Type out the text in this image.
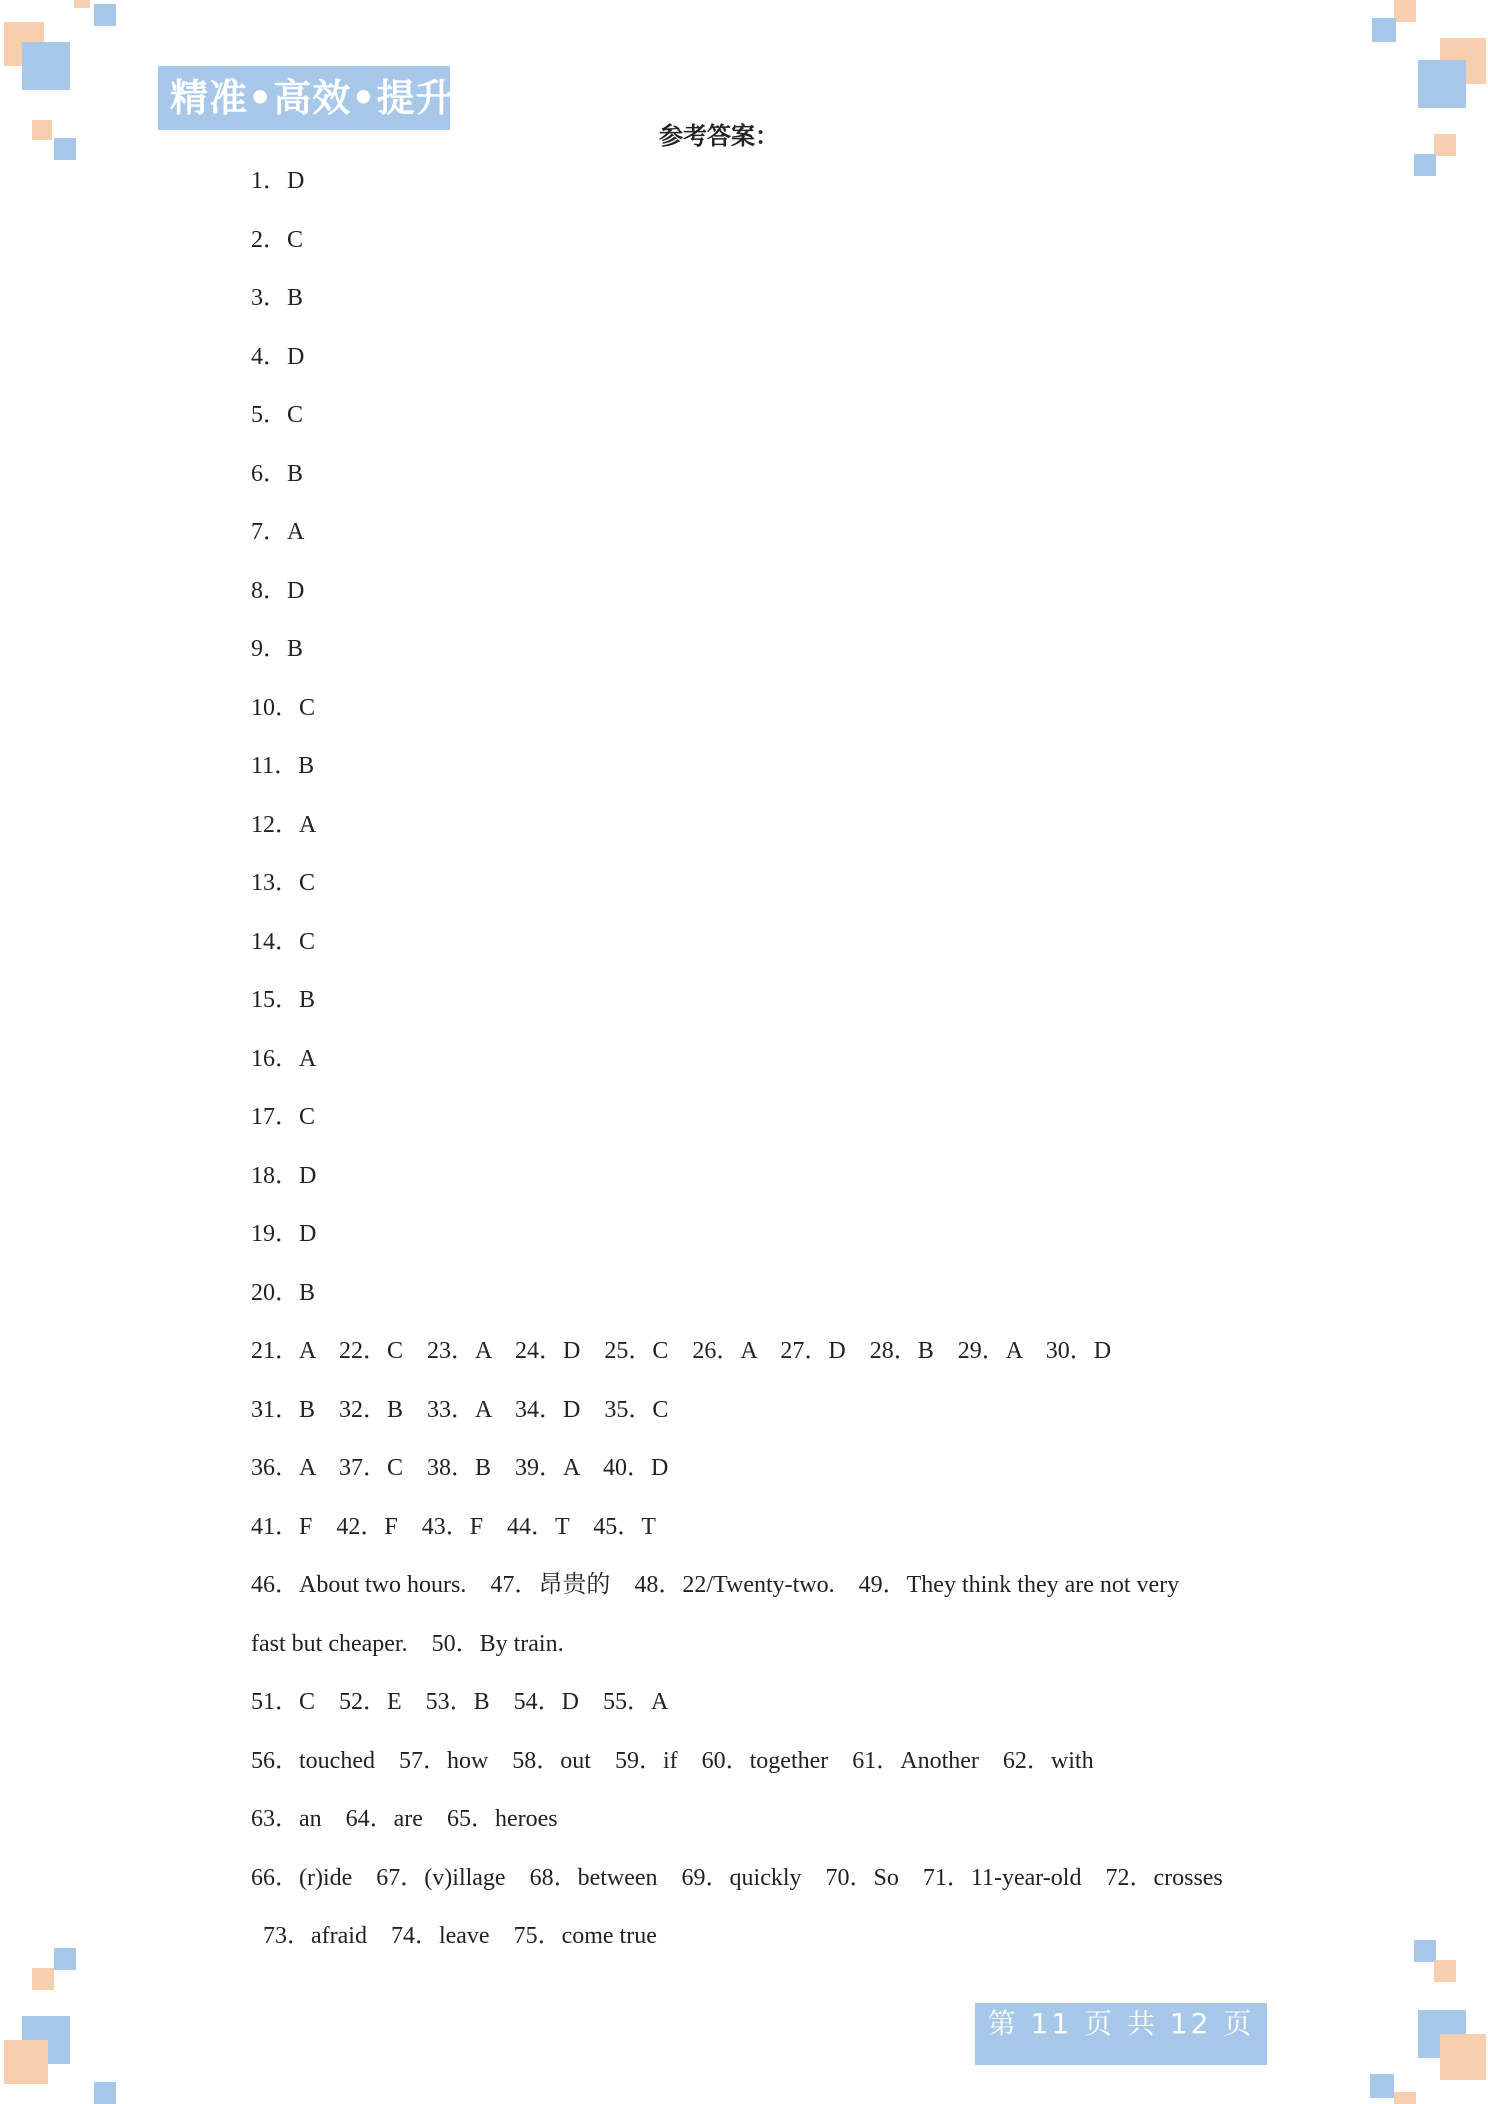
精准•高效•提升
参考答案：
1．D
2．C
3．B
4．D
5．C
6．B
7．A
8．D
9．B
10．C
11．B
12．A
13．C
14．C
15．B
16．A
17．C
18．D
19．D
20．B
21．A    22．C    23．A    24．D    25．C    26．A    27．D    28．B    29．A    30．D
31．B    32．B    33．A    34．D    35．C
36．A    37．C    38．B    39．A    40．D
41．F    42．F    43．F    44．T    45．T
46．About two hours.    47．昂贵的    48．22/Twenty-two.    49．They think they are not very
fast but cheaper.    50．By train.
51．C    52．E    53．B    54．D    55．A
56．touched    57．how    58．out    59．if    60．together    61．Another    62．with
63．an    64．are    65．heroes
66．(r)ide    67．(v)illage    68．between    69．quickly    70．So    71．11-year-old    72．crosses
73．afraid    74．leave    75．come true
第 11 页 共 12 页
